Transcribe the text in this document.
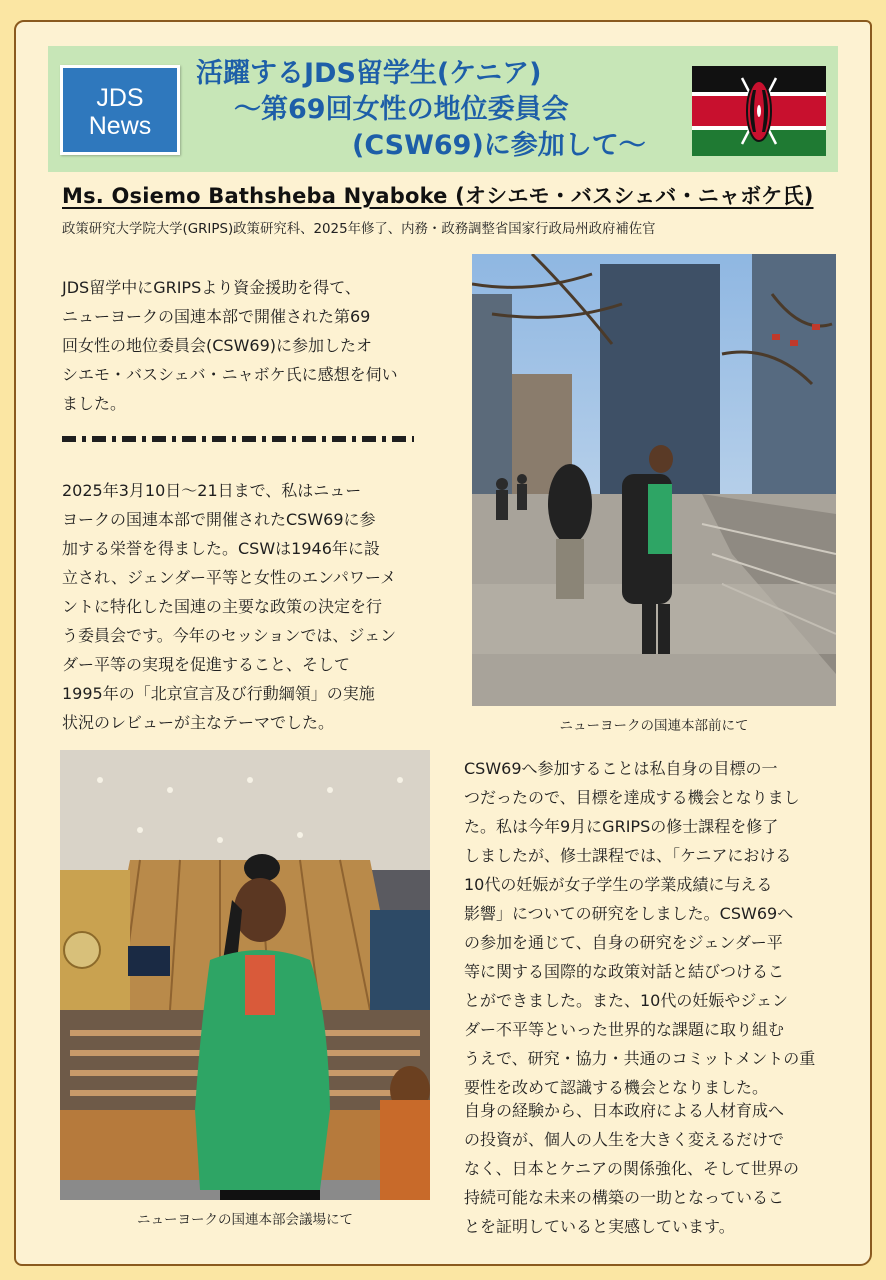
JDS
News
活躍するJDS留学生(ケニア)
〜第69回女性の地位委員会
(CSW69)に参加して〜
Ms. Osiemo Bathsheba Nyaboke (オシエモ・バスシェバ・ニャボケ氏)
政策研究大学院大学(GRIPS)政策研究科、2025年修了、内務・政務調整省国家行政局州政府補佐官
JDS留学中にGRIPSより資金援助を得て、
ニューヨークの国連本部で開催された第69
回女性の地位委員会(CSW69)に参加したオ
シエモ・バスシェバ・ニャボケ氏に感想を伺い
ました。
2025年3月10日〜21日まで、私はニュー
ヨークの国連本部で開催されたCSW69に参
加する栄誉を得ました。CSWは1946年に設
立され、ジェンダー平等と女性のエンパワーメ
ントに特化した国連の主要な政策の決定を行
う委員会です。今年のセッションでは、ジェン
ダー平等の実現を促進すること、そして
1995年の「北京宣言及び行動綱領」の実施
状況のレビューが主なテーマでした。	ニューヨークの国連本部前にて
ニューヨークの国連本部会議場にて
CSW69へ参加することは私自身の目標の一
つだったので、目標を達成する機会となりまし
た。私は今年9月にGRIPSの修士課程を修了
しましたが、修士課程では、「ケニアにおける
10代の妊娠が女子学生の学業成績に与える
影響」についての研究をしました。CSW69へ
の参加を通じて、自身の研究をジェンダー平
等に関する国際的な政策対話と結びつけるこ
とができました。また、10代の妊娠やジェン
ダー不平等といった世界的な課題に取り組む
うえで、研究・協力・共通のコミットメントの重
要性を改めて認識する機会となりました。
自身の経験から、日本政府による人材育成へ
の投資が、個人の人生を大きく変えるだけで
なく、日本とケニアの関係強化、そして世界の
持続可能な未来の構築の一助となっているこ
とを証明していると実感しています。
